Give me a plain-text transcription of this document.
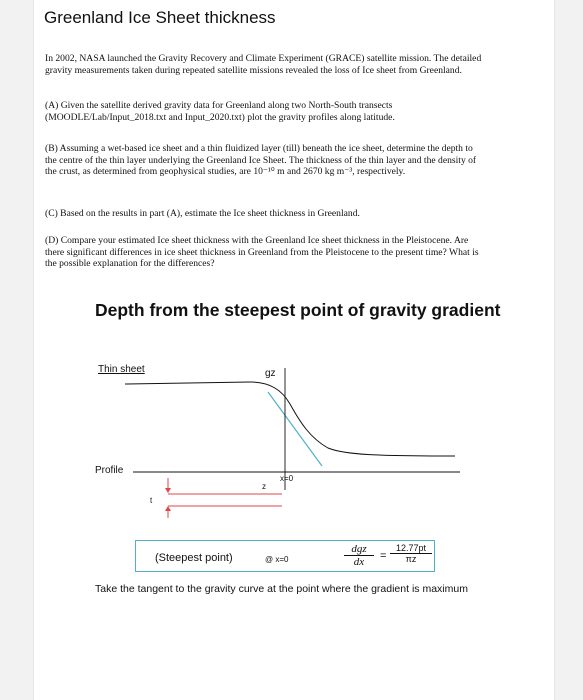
Greenland Ice Sheet thickness

In 2002, NASA launched the Gravity Recovery and Climate Experiment (GRACE) satellite mission. The detailed gravity measurements taken during repeated satellite missions revealed the loss of Ice sheet from Greenland.

(A) Given the satellite derived gravity data for Greenland along two North-South transects (MOODLE/Lab/Input_2018.txt and Input_2020.txt) plot the gravity profiles along latitude.

(B) Assuming a wet-based ice sheet and a thin fluidized layer (till) beneath the ice sheet, determine the depth to the centre of the thin layer underlying the Greenland Ice Sheet. The thickness of the thin layer and the density of the crust, as determined from geophysical studies, are 10⁻¹⁰ m and 2670 kg m⁻³, respectively.

(C) Based on the results in part (A), estimate the Ice sheet thickness in Greenland.

(D) Compare your estimated Ice sheet thickness with the Greenland Ice sheet thickness in the Pleistocene. Are there significant differences in ice sheet thickness in Greenland from the Pleistocene to the present time? What is the possible explanation for the differences?

Depth from the steepest point of gravity gradient
Thin sheet
Profile
gz
x=0
z
t
(Steepest point)	@ x=0
dgz
dx	= $\frac{12.77pt}{\pi z}$
Take the tangent to the gravity curve at the point where the gradient is maximum
